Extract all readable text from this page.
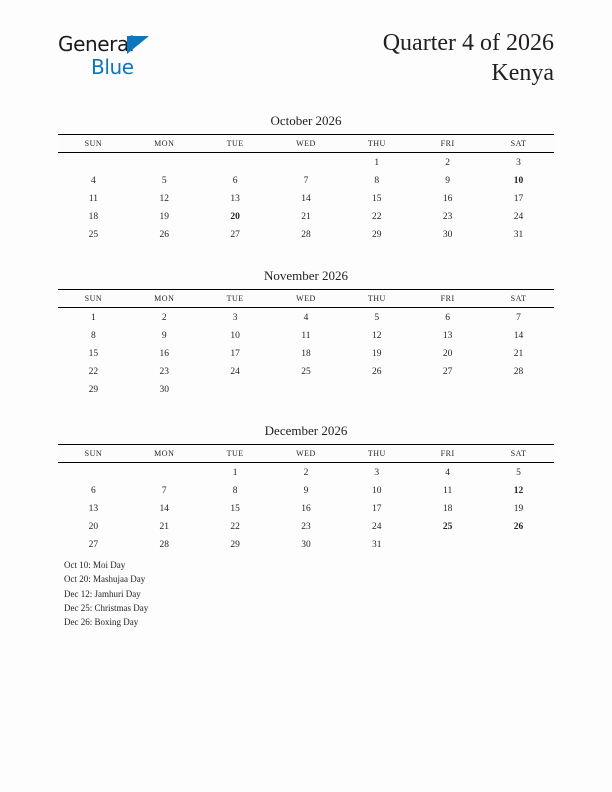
General
Blue
Quarter 4 of 2026
Kenya
October 2026
SUN	MON	TUE	WED	THU	FRI	SAT
				1	2	3
4	5	6	7	8	9	10
11	12	13	14	15	16	17
18	19	20	21	22	23	24
25	26	27	28	29	30	31
November 2026
SUN	MON	TUE	WED	THU	FRI	SAT
1	2	3	4	5	6	7
8	9	10	11	12	13	14
15	16	17	18	19	20	21
22	23	24	25	26	27	28
29	30					
December 2026
SUN	MON	TUE	WED	THU	FRI	SAT
		1	2	3	4	5
6	7	8	9	10	11	12
13	14	15	16	17	18	19
20	21	22	23	24	25	26
27	28	29	30	31		
Oct 10: Moi Day
Oct 20: Mashujaa Day
Dec 12: Jamhuri Day
Dec 25: Christmas Day
Dec 26: Boxing Day
